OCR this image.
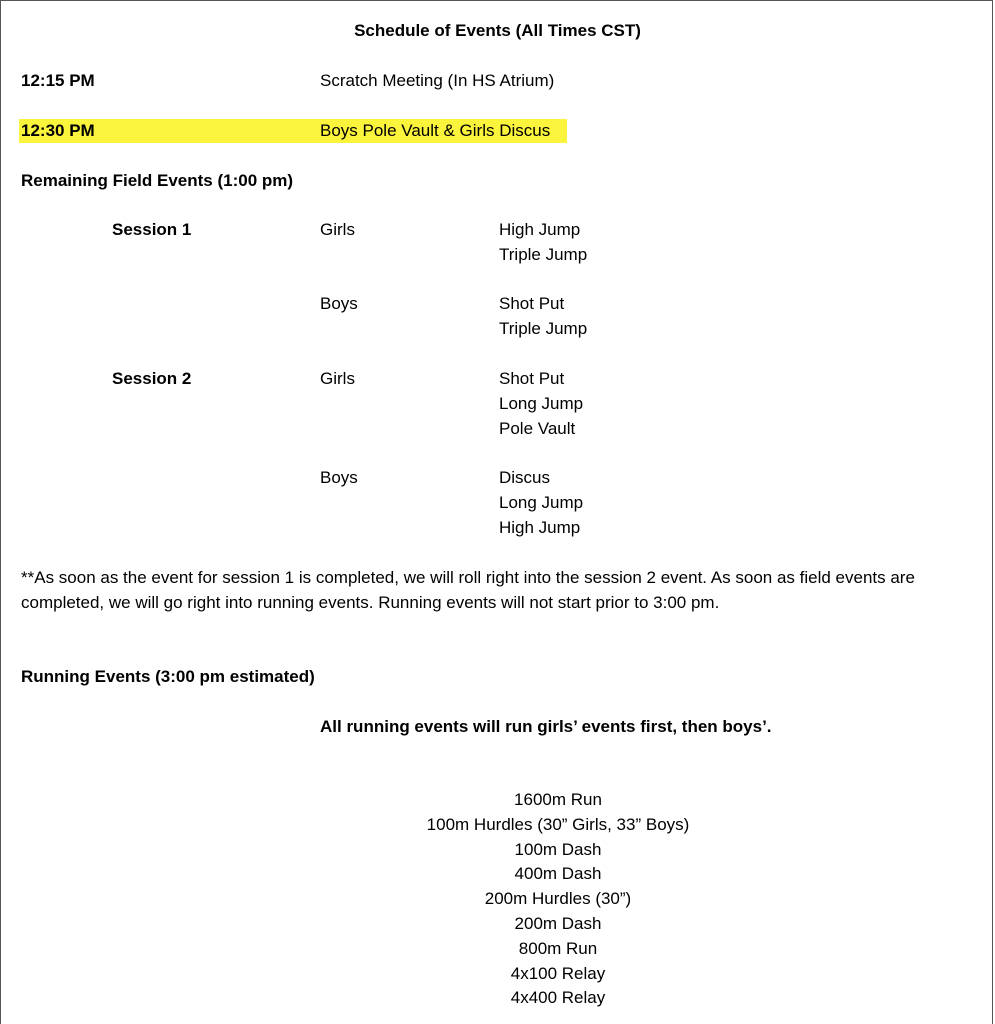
Schedule of Events (All Times CST)
12:15 PM	Scratch Meeting (In HS Atrium)
12:30 PM	Boys Pole Vault & Girls Discus
Remaining Field Events (1:00 pm)
Session 1	Girls	High Jump
Triple Jump
Boys	Shot Put
Triple Jump
Session 2	Girls	Shot Put
Long Jump
Pole Vault
Boys	Discus
Long Jump
High Jump
**As soon as the event for session 1 is completed, we will roll right into the session 2 event. As soon as field events are completed, we will go right into running events. Running events will not start prior to 3:00 pm.
Running Events (3:00 pm estimated)
All running events will run girls’ events first, then boys’.
1600m Run
100m Hurdles (30” Girls, 33” Boys)
100m Dash
400m Dash
200m Hurdles (30”)
200m Dash
800m Run
4x100 Relay
4x400 Relay
